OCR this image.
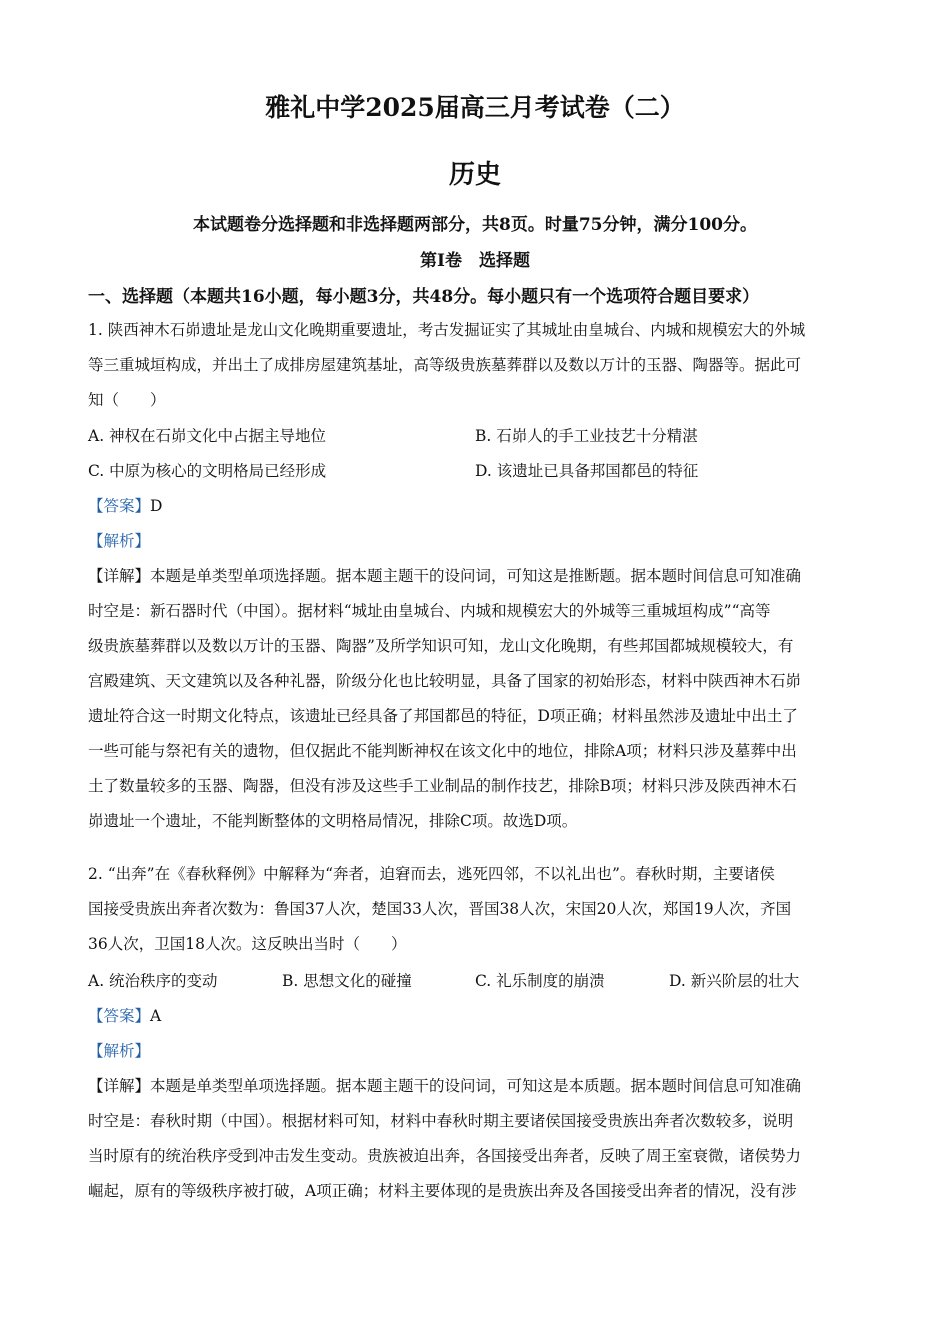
雅礼中学2025届高三月考试卷（二）
历史
本试题卷分选择题和非选择题两部分，共8页。时量75分钟，满分100分。
第Ⅰ卷　选择题
一、选择题（本题共16小题，每小题3分，共48分。每小题只有一个选项符合题目要求）
1. 陕西神木石峁遗址是龙山文化晚期重要遗址，考古发掘证实了其城址由皇城台、内城和规模宏大的外城
等三重城垣构成，并出土了成排房屋建筑基址，高等级贵族墓葬群以及数以万计的玉器、陶器等。据此可
知（　　）
A. 神权在石峁文化中占据主导地位	B. 石峁人的手工业技艺十分精湛
C. 中原为核心的文明格局已经形成	D. 该遗址已具备邦国都邑的特征
【答案】D
【解析】
【详解】本题是单类型单项选择题。据本题主题干的设问词，可知这是推断题。据本题时间信息可知准确
时空是：新石器时代（中国）。据材料“城址由皇城台、内城和规模宏大的外城等三重城垣构成”“高等
级贵族墓葬群以及数以万计的玉器、陶器”及所学知识可知，龙山文化晚期，有些邦国都城规模较大，有
宫殿建筑、天文建筑以及各种礼器，阶级分化也比较明显，具备了国家的初始形态，材料中陕西神木石峁
遗址符合这一时期文化特点，该遗址已经具备了邦国都邑的特征，D项正确；材料虽然涉及遗址中出土了
一些可能与祭祀有关的遗物，但仅据此不能判断神权在该文化中的地位，排除A项；材料只涉及墓葬中出
土了数量较多的玉器、陶器，但没有涉及这些手工业制品的制作技艺，排除B项；材料只涉及陕西神木石
峁遗址一个遗址，不能判断整体的文明格局情况，排除C项。故选D项。
2. “出奔”在《春秋释例》中解释为“奔者，迫窘而去，逃死四邻，不以礼出也”。春秋时期，主要诸侯
国接受贵族出奔者次数为：鲁国37人次，楚国33人次，晋国38人次，宋国20人次，郑国19人次，齐国
36人次，卫国18人次。这反映出当时（　　）
A. 统治秩序的变动	B. 思想文化的碰撞	C. 礼乐制度的崩溃	D. 新兴阶层的壮大
【答案】A
【解析】
【详解】本题是单类型单项选择题。据本题主题干的设问词，可知这是本质题。据本题时间信息可知准确
时空是：春秋时期（中国）。根据材料可知，材料中春秋时期主要诸侯国接受贵族出奔者次数较多，说明
当时原有的统治秩序受到冲击发生变动。贵族被迫出奔，各国接受出奔者，反映了周王室衰微，诸侯势力
崛起，原有的等级秩序被打破，A项正确；材料主要体现的是贵族出奔及各国接受出奔者的情况，没有涉
